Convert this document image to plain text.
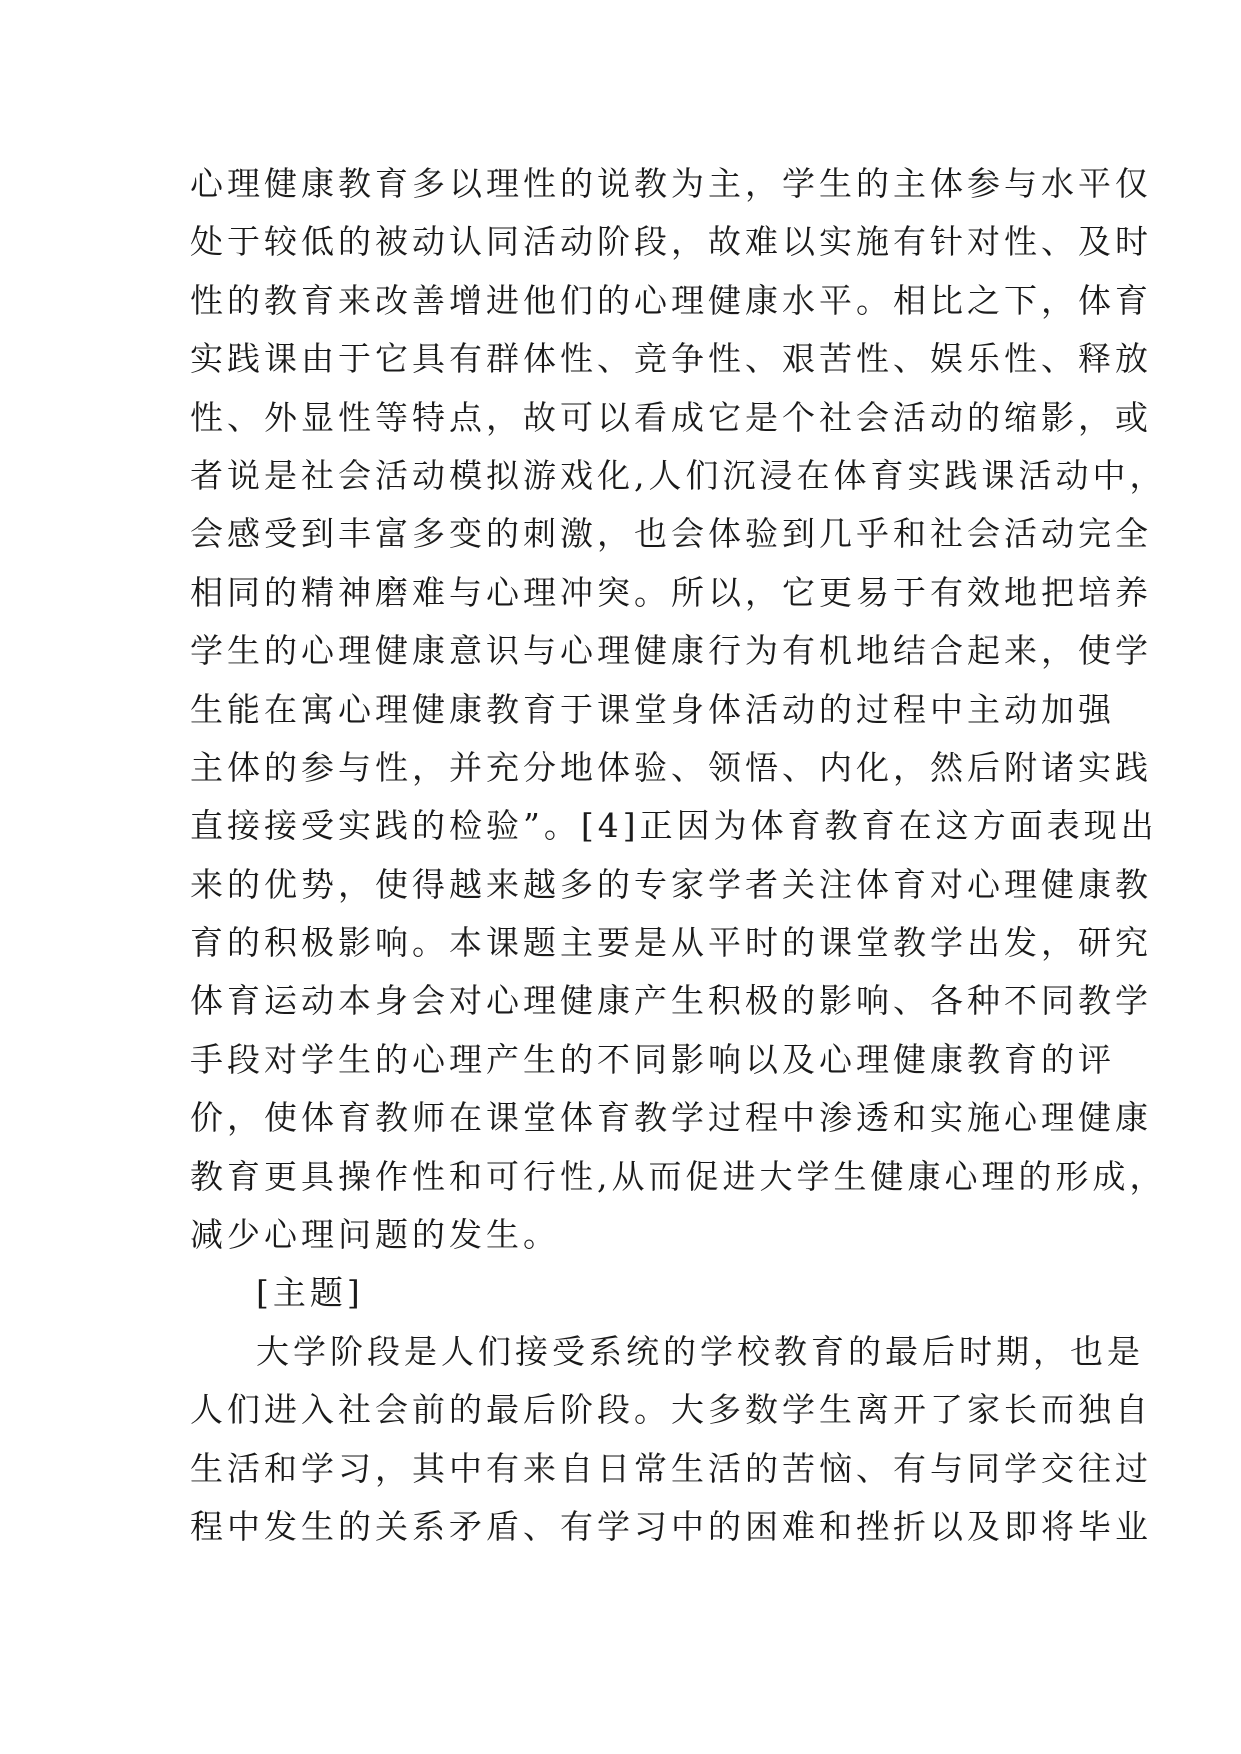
心理健康教育多以理性的说教为主，学生的主体参与水平仅
处于较低的被动认同活动阶段，故难以实施有针对性、及时
性的教育来改善增进他们的心理健康水平。相比之下，体育
实践课由于它具有群体性、竞争性、艰苦性、娱乐性、释放
性、外显性等特点，故可以看成它是个社会活动的缩影，或
者说是社会活动模拟游戏化,人们沉浸在体育实践课活动中，
会感受到丰富多变的刺激，也会体验到几乎和社会活动完全
相同的精神磨难与心理冲突。所以，它更易于有效地把培养
学生的心理健康意识与心理健康行为有机地结合起来，使学
生能在寓心理健康教育于课堂身体活动的过程中主动加强
主体的参与性，并充分地体验、领悟、内化，然后附诸实践
直接接受实践的检验”。[4]正因为体育教育在这方面表现出
来的优势，使得越来越多的专家学者关注体育对心理健康教
育的积极影响。本课题主要是从平时的课堂教学出发，研究
体育运动本身会对心理健康产生积极的影响、各种不同教学
手段对学生的心理产生的不同影响以及心理健康教育的评
价，使体育教师在课堂体育教学过程中渗透和实施心理健康
教育更具操作性和可行性,从而促进大学生健康心理的形成，
减少心理问题的发生。
[主题]
大学阶段是人们接受系统的学校教育的最后时期，也是
人们进入社会前的最后阶段。大多数学生离开了家长而独自
生活和学习，其中有来自日常生活的苦恼、有与同学交往过
程中发生的关系矛盾、有学习中的困难和挫折以及即将毕业
